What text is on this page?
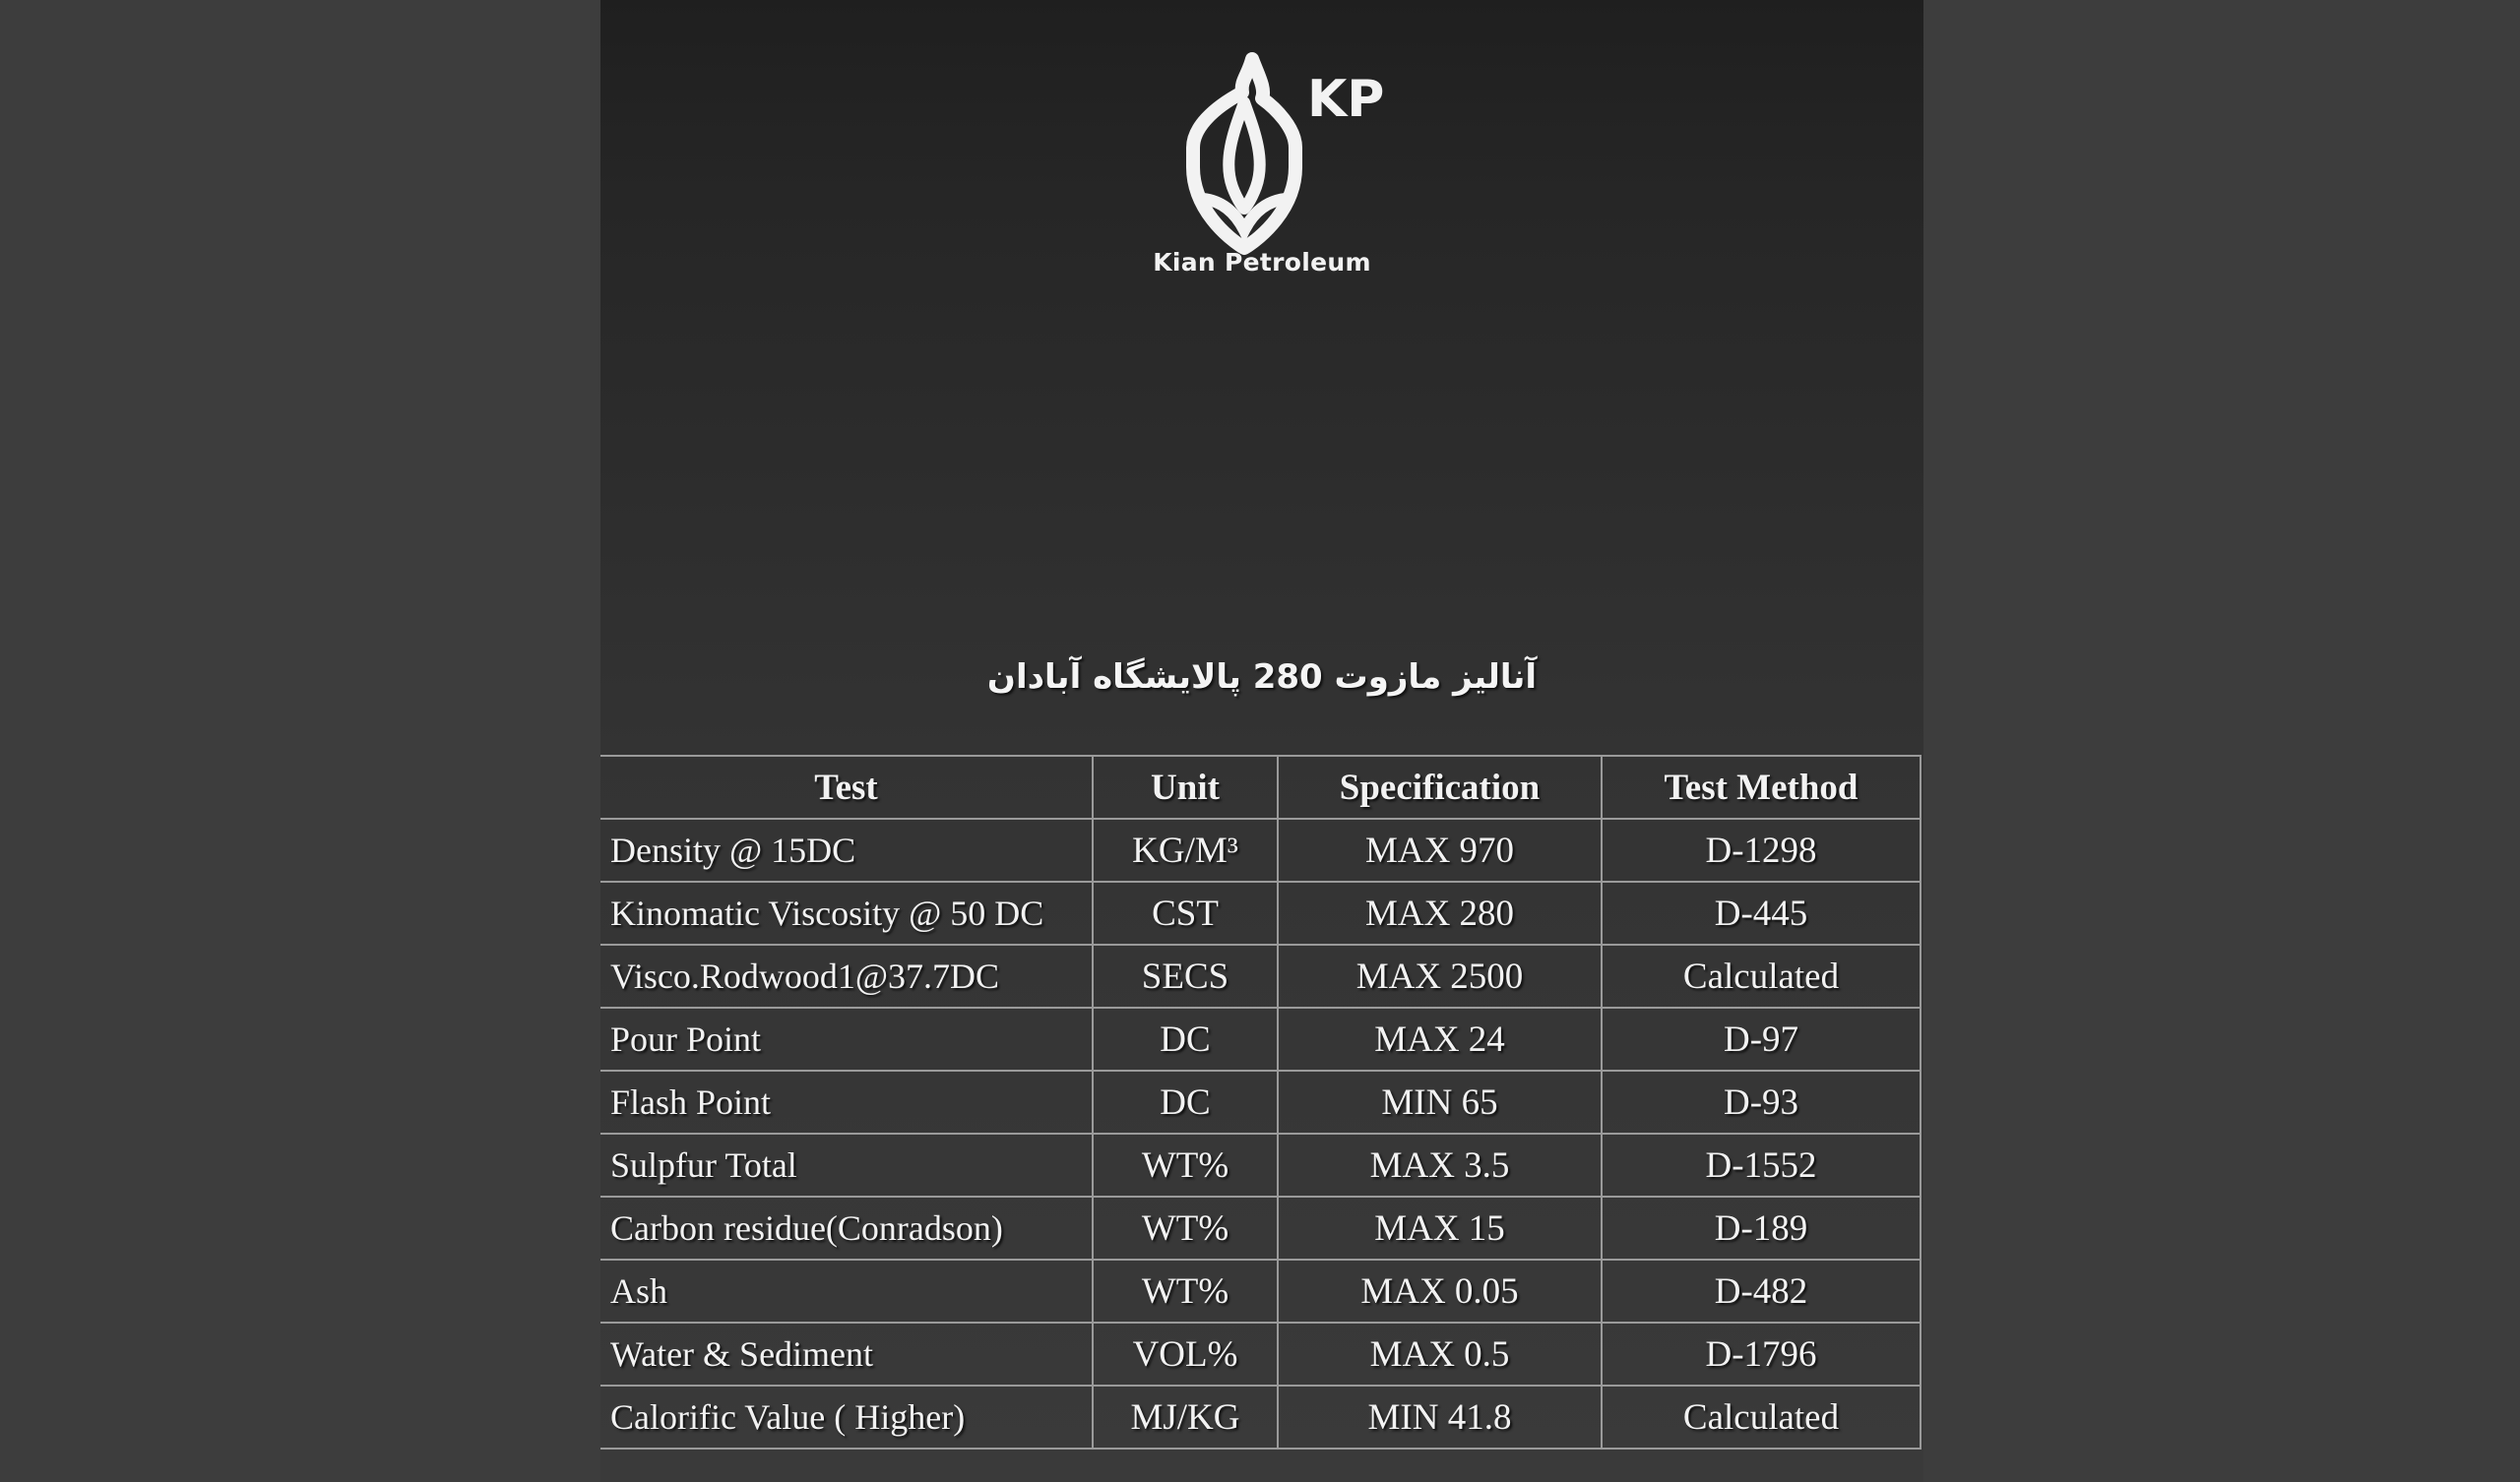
KP
Kian Petroleum
آنالیز مازوت 280 پالایشگاه آبادان
Test	Unit	Specification	Test Method
Density @ 15DC	KG/M³	MAX 970	D-1298
Kinomatic Viscosity @ 50 DC	CST	MAX 280	D-445
Visco.Rodwood1@37.7DC	SECS	MAX 2500	Calculated
Pour Point	DC	MAX 24	D-97
Flash Point	DC	MIN 65	D-93
Sulpfur Total	WT%	MAX 3.5	D-1552
Carbon residue(Conradson)	WT%	MAX 15	D-189
Ash	WT%	MAX 0.05	D-482
Water & Sediment	VOL%	MAX 0.5	D-1796
Calorific Value ( Higher)	MJ/KG	MIN 41.8	Calculated
